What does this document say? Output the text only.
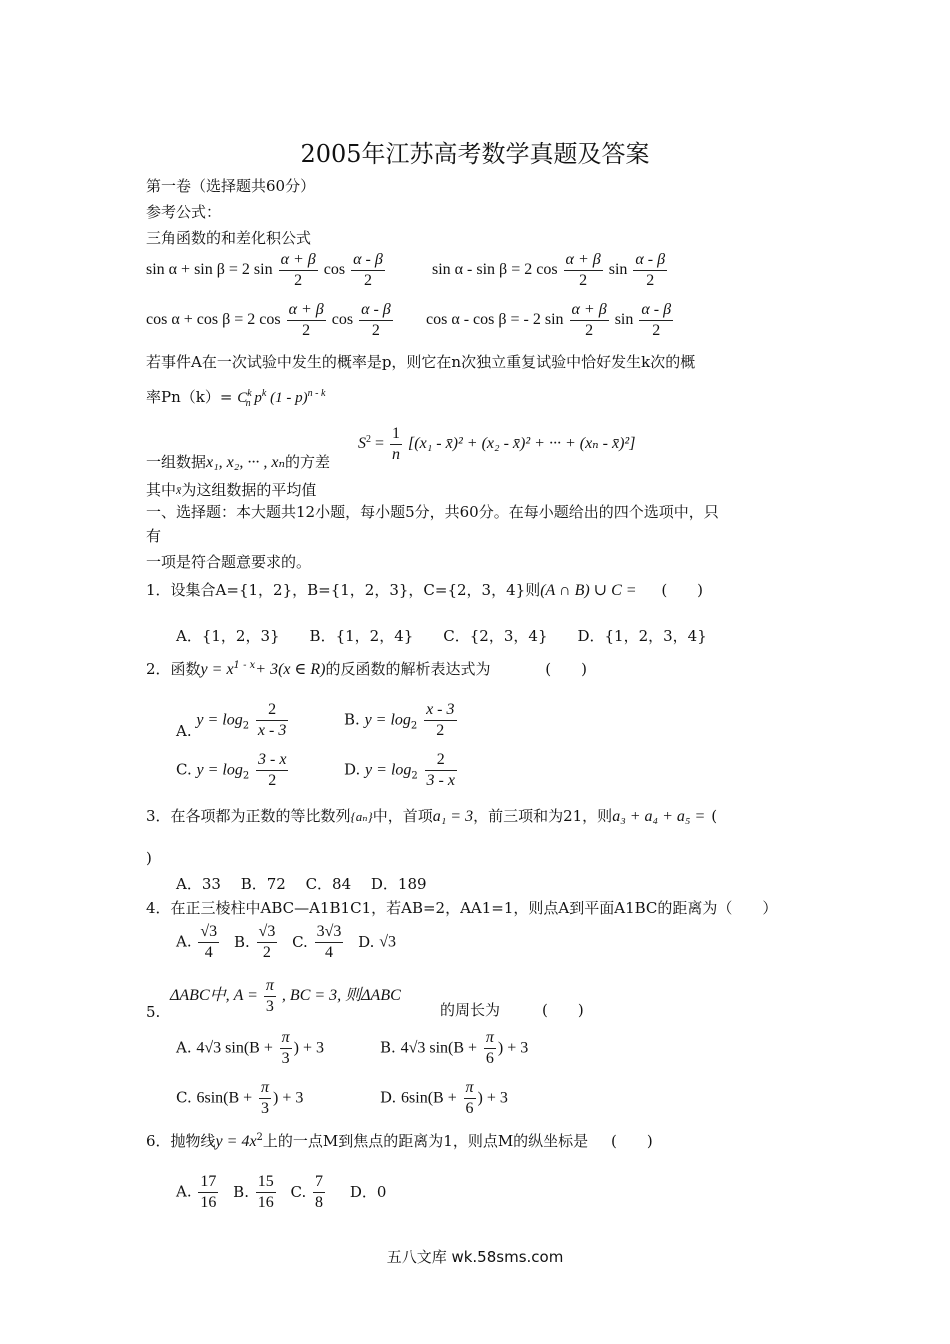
2005年江苏高考数学真题及答案
第一卷（选择题共60分）
参考公式：
三角函数的和差化积公式
sin α + sin β = 2 $\sin \frac{\alpha + \beta}{2}$ $\cos \frac{\alpha - \beta}{2}$	sin α - sin β = 2 $\cos \frac{\alpha + \beta}{2}$ $\sin \frac{\alpha - \beta}{2}$
cos α + cos β = 2 $\cos \frac{\alpha + \beta}{2}$ $\cos \frac{\alpha - \beta}{2}$ cos α - cos β = - 2 $\sin \frac{\alpha + \beta}{2}$ $\sin \frac{\alpha - \beta}{2}$
若事件A在一次试验中发生的概率是p，则它在n次独立重复试验中恰好发生k次的概
率$Pn(k)= C^k_n$ $p^k$ (1 - p)$^{n - k}$
$S^2 = \frac{1}{n} [(x_1$ - x̄)² + (x₂ - x̄)² + ··· + (xₙ - x̄)²]
一组数据x₁, x₂, ··· , xₙ的方差
其中$^{x̄}$为这组数据的平均值
一、选择题：本大题共12小题，每小题5分，共60分。在每小题给出的四个选项中，只
有
一项是符合题意要求的。
1．设集合A={1，2}，B={1，2，3}，C={2，3，4}则(A ∩ B) ∪ C = (　　)
A．{1，2，3}　　B．{1，2，4}　　C．{2，3，4}　　D．{1，2，3，4}
2．函数$y = x^{1 - x}+ 3(x$ ∈ R)的反函数的解析表达式为	(　　)
A. $y = \log_2 \frac{2}{x - 3}$	B. $y = \log_2 \frac{x - 3}{2}$
C. $y = \log_2 \frac{3 - x}{2}$	D. $y = \log_2 \frac{2}{3 - x}$
3．在各项都为正数的等比数列{aₙ}中，首项a₁ = 3，前三项和为21，则a₃ + a₄ + a₅ = (
)
A．33　 B．72　 C．84　 D．189
4．在正三棱柱中ABC—A1B1C1，若AB=2，AA1=1，则点A到平面A1BC的距离为（　　）
A. $\frac{√3}{4} B$. $\frac{√3}{2} C$. $\frac{3√3}{4} D$. √3
ΔABC中, $A = \frac{\pi}{3}$ , BC = 3, 则ΔABC
5.	的周长为	(　　)
A. 4√3 $\sin(B + \frac{\pi}{3}$ ) + 3	B. 4√3 $\sin(B + \frac{\pi}{6}$ ) + 3
C. $6\sin(B + \frac{\pi}{3}$ ) + 3	D. $6\sin(B + \frac{\pi}{6}$ ) + 3
6．抛物线$y = 4x^2$上的一点M到焦点的距离为1，则点M的纵坐标是 (　　)
A. $\frac{17}{16} B$. $\frac{15}{16} C$. $\frac{7}{8}$ D．0
五八文库 wk.58sms.com
